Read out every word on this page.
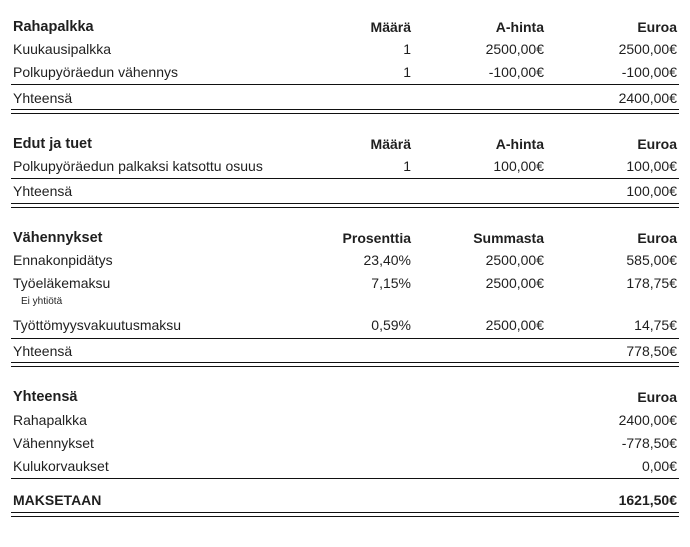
Rahapalkka	Määrä	A-hinta	Euroa
Kuukausipalkka	1	2500,00€	2500,00€
Polkupyöräedun vähennys	1	-100,00€	-100,00€
Yhteensä	2400,00€
Edut ja tuet	Määrä	A-hinta	Euroa
Polkupyöräedun palkaksi katsottu osuus	1	100,00€	100,00€
Yhteensä	100,00€
Vähennykset	Prosenttia	Summasta	Euroa
Ennakonpidätys	23,40%	2500,00€	585,00€
Työeläkemaksu	7,15%	2500,00€	178,75€
Ei yhtiötä
Työttömyysvakuutusmaksu	0,59%	2500,00€	14,75€
Yhteensä	778,50€
Yhteensä	Euroa
Rahapalkka	2400,00€
Vähennykset	-778,50€
Kulukorvaukset	0,00€
MAKSETAAN	1621,50€
